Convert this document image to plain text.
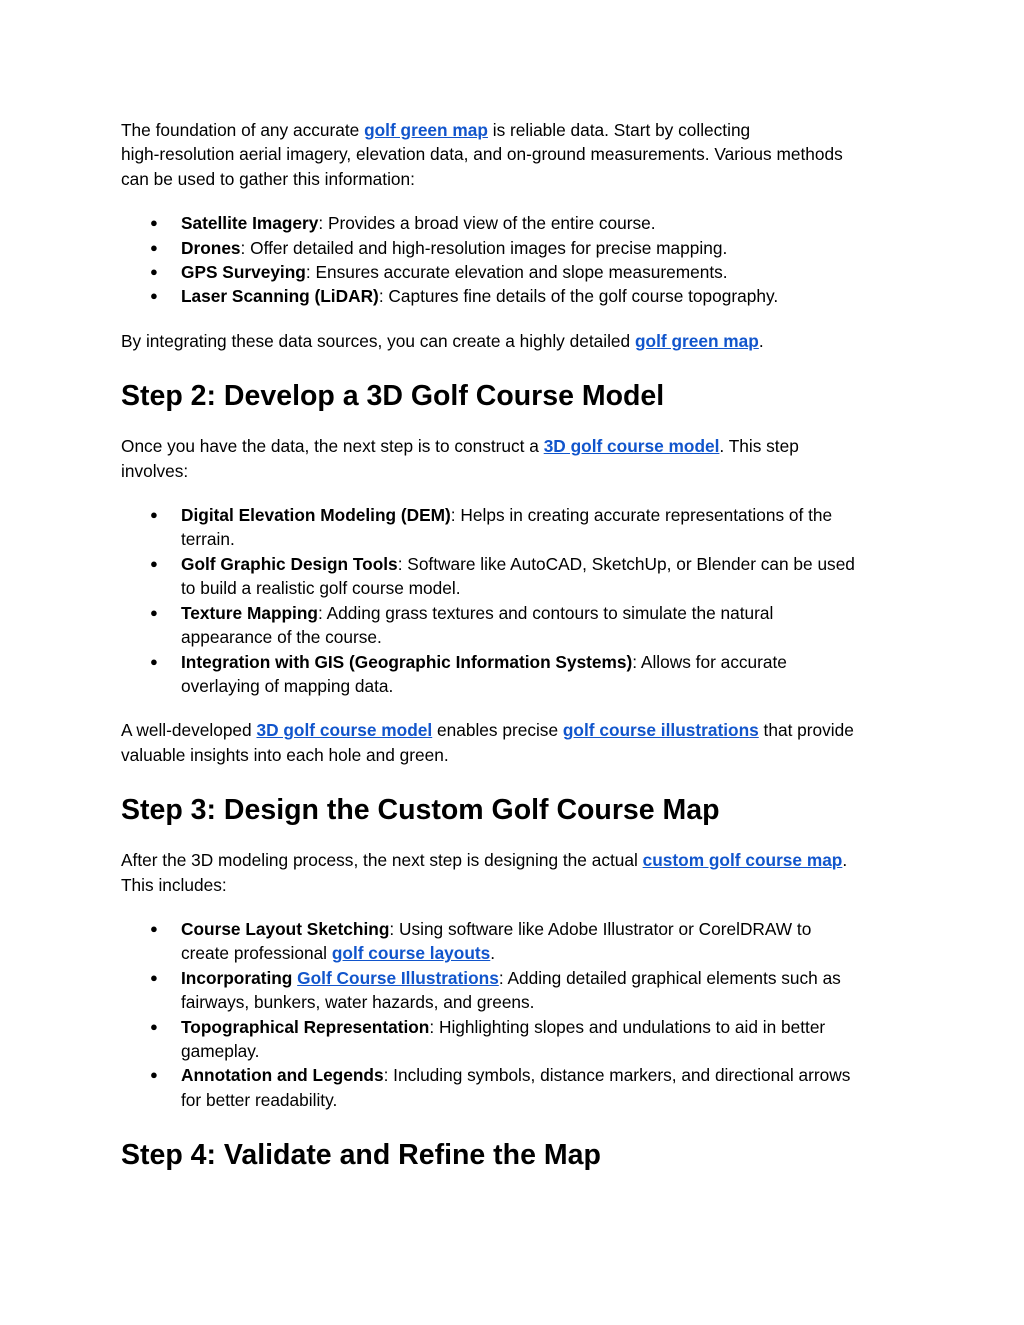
The foundation of any accurate golf green map is reliable data. Start by collecting
high-resolution aerial imagery, elevation data, and on-ground measurements. Various methods
can be used to gather this information:

● Satellite Imagery: Provides a broad view of the entire course.
● Drones: Offer detailed and high-resolution images for precise mapping.
● GPS Surveying: Ensures accurate elevation and slope measurements.
● Laser Scanning (LiDAR): Captures fine details of the golf course topography.

By integrating these data sources, you can create a highly detailed golf green map.

Step 2: Develop a 3D Golf Course Model

Once you have the data, the next step is to construct a 3D golf course model. This step
involves:

● Digital Elevation Modeling (DEM): Helps in creating accurate representations of the
terrain.
● Golf Graphic Design Tools: Software like AutoCAD, SketchUp, or Blender can be used
to build a realistic golf course model.
● Texture Mapping: Adding grass textures and contours to simulate the natural
appearance of the course.
● Integration with GIS (Geographic Information Systems): Allows for accurate
overlaying of mapping data.

A well-developed 3D golf course model enables precise golf course illustrations that provide
valuable insights into each hole and green.

Step 3: Design the Custom Golf Course Map

After the 3D modeling process, the next step is designing the actual custom golf course map.
This includes:

● Course Layout Sketching: Using software like Adobe Illustrator or CorelDRAW to
create professional golf course layouts.
● Incorporating Golf Course Illustrations: Adding detailed graphical elements such as
fairways, bunkers, water hazards, and greens.
● Topographical Representation: Highlighting slopes and undulations to aid in better
gameplay.
● Annotation and Legends: Including symbols, distance markers, and directional arrows
for better readability.
Step 4: Validate and Refine the Map
